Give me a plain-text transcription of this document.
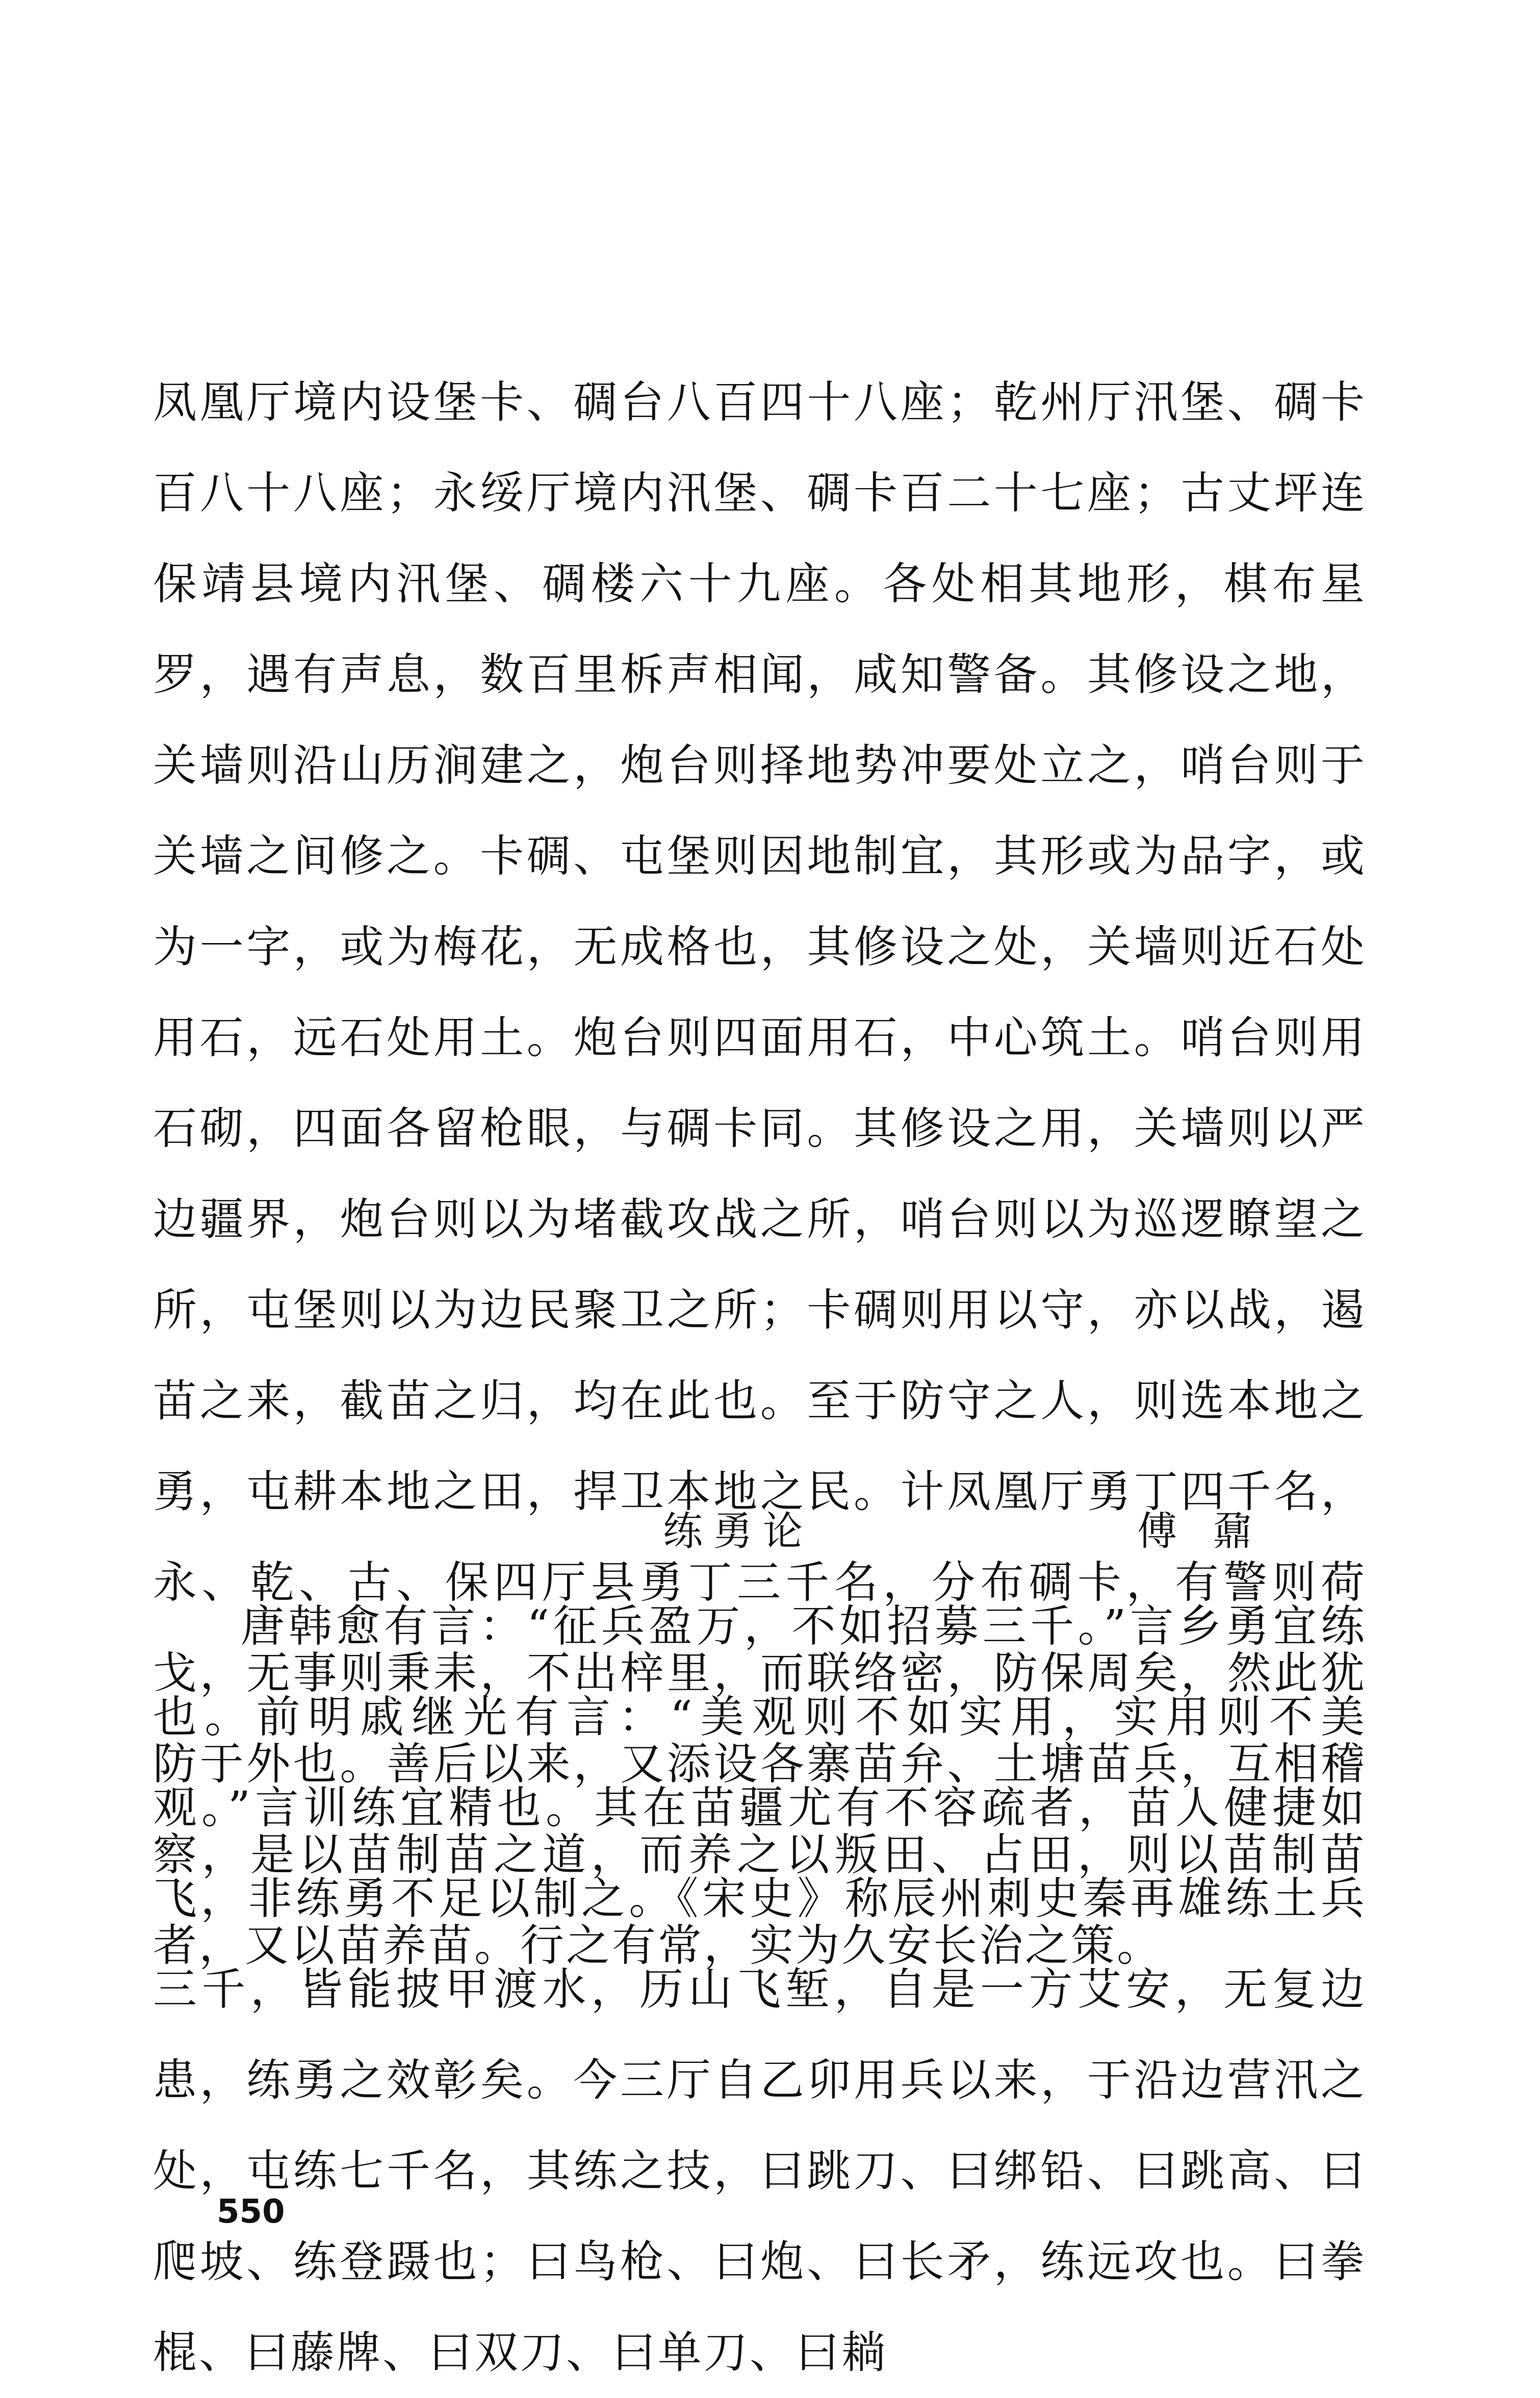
凤凰厅境内设堡卡、碉台八百四十八座；乾州厅汛堡、碉卡百八十八座；永绥厅境内汛堡、碉卡百二十七座；古丈坪连保靖县境内汛堡、碉楼六十九座。各处相其地形，棋布星罗，遇有声息，数百里柝声相闻，咸知警备。其修设之地，关墙则沿山历涧建之，炮台则择地势冲要处立之，哨台则于关墙之间修之。卡碉、屯堡则因地制宜，其形或为品字，或为一字，或为梅花，无成格也，其修设之处，关墙则近石处用石，远石处用土。炮台则四面用石，中心筑土。哨台则用石砌，四面各留枪眼，与碉卡同。其修设之用，关墙则以严边疆界，炮台则以为堵截攻战之所，哨台则以为巡逻瞭望之所，屯堡则以为边民聚卫之所；卡碉则用以守，亦以战，遏苗之来，截苗之归，均在此也。至于防守之人，则选本地之勇，屯耕本地之田，捍卫本地之民。计凤凰厅勇丁四千名，永、乾、古、保四厅县勇丁三千名，分布碉卡，有警则荷戈，无事则秉耒，不出梓里，而联络密，防保周矣，然此犹防于外也。善后以来，又添设各寨苗弁、土塘苗兵，互相稽察，是以苗制苗之道，而养之以叛田、占田，则以苗制苗者，又以苗养苗。行之有常，实为久安长治之策。

练勇论	傅鼐

唐韩愈有言：“征兵盈万，不如招募三千。”言乡勇宜练也。前明戚继光有言：“美观则不如实用，实用则不美观。”言训练宜精也。其在苗疆尤有不容疏者，苗人健捷如飞，非练勇不足以制之。《宋史》称辰州刺史秦再雄练土兵三千，皆能披甲渡水，历山飞堑，自是一方艾安，无复边患，练勇之效彰矣。今三厅自乙卯用兵以来，于沿边营汛之处，屯练七千名，其练之技，曰跳刀、曰绑铅、曰跳高、曰爬坡、练登蹑也；曰鸟枪、曰炮、曰长矛，练远攻也。曰拳棍、曰藤牌、曰双刀、曰单刀、曰耥

550
